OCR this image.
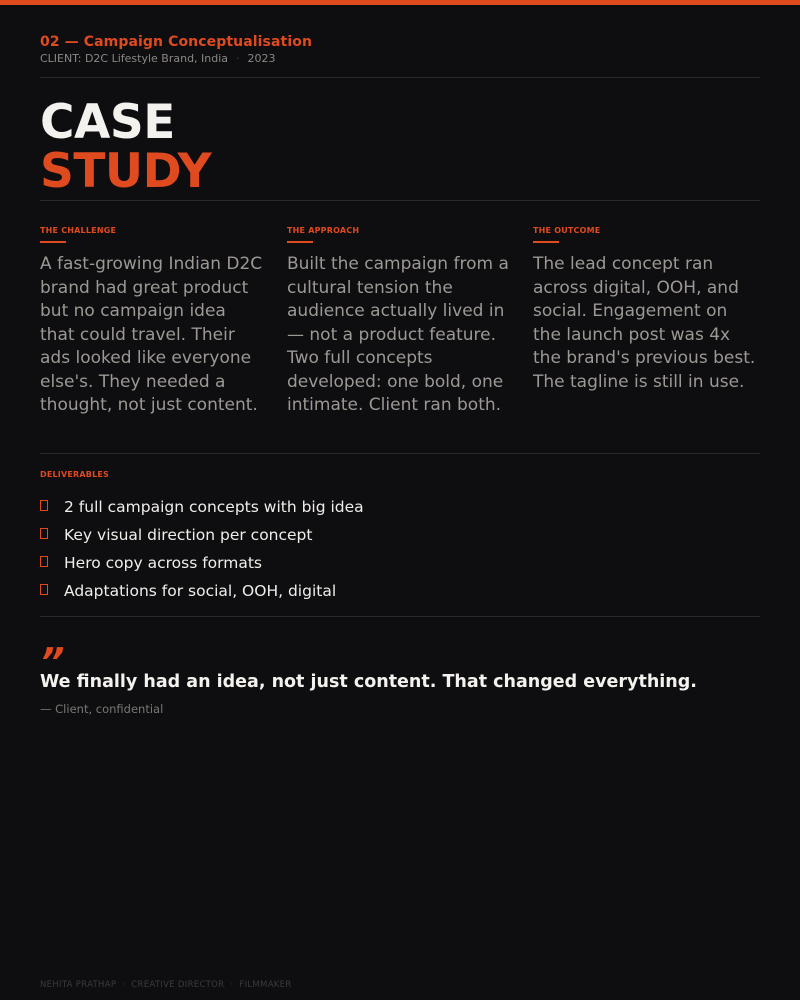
02 — Campaign Conceptualisation
CLIENT: D2C Lifestyle Brand, India · 2023
CASE
STUDY
THE CHALLENGE

A fast-growing Indian D2C brand had great product but no campaign idea that could travel. Their ads looked like everyone else's. They needed a thought, not just content.

THE APPROACH

Built the campaign from a cultural tension the audience actually lived in — not a product feature. Two full concepts developed: one bold, one intimate. Client ran both.

THE OUTCOME

The lead concept ran across digital, OOH, and social. Engagement on the launch post was 4x the brand's previous best. The tagline is still in use.

DELIVERABLES
2 full campaign concepts with big idea
Key visual direction per concept
Hero copy across formats
Adaptations for social, OOH, digital
”
We finally had an idea, not just content. That changed everything.
— Client, confidential
NEHITA PRATHAP · CREATIVE DIRECTOR · FILMMAKER
